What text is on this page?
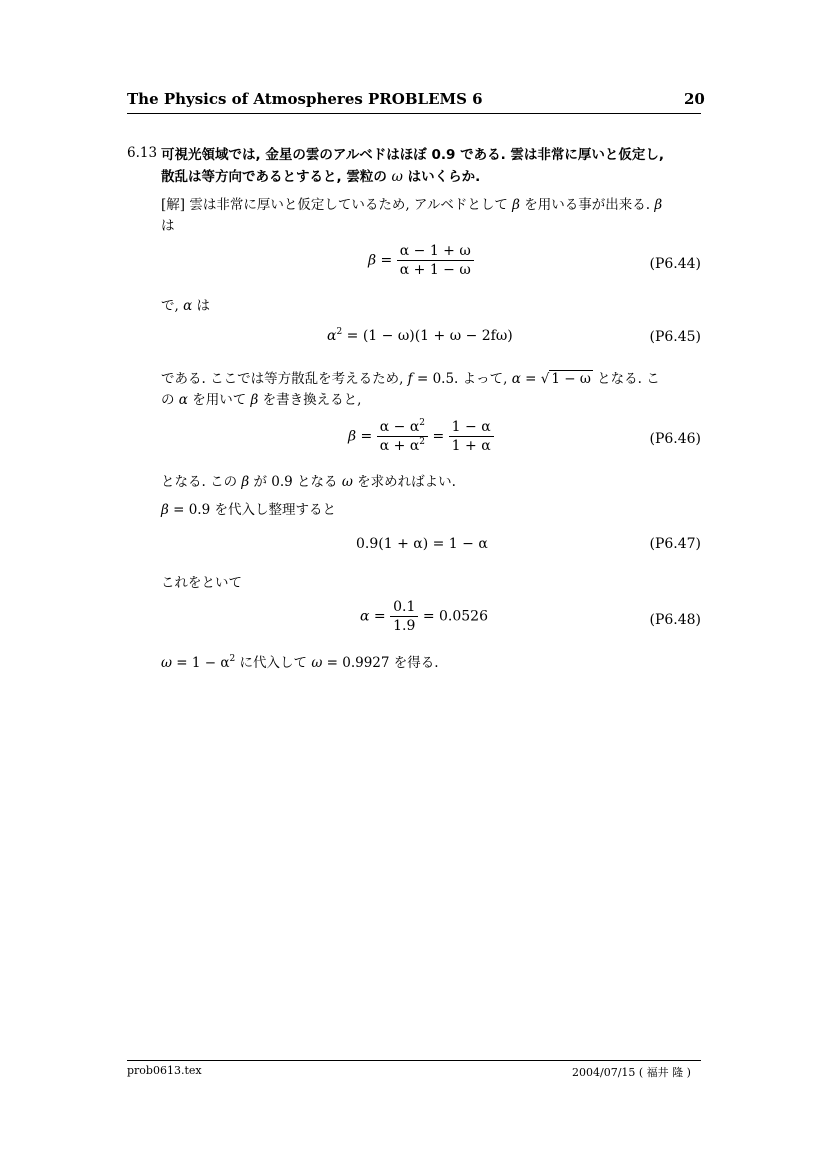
The Physics of Atmospheres PROBLEMS 6	20
6.13 可視光領域では, 金星の雲のアルベドはほぼ 0.9 である. 雲は非常に厚いと仮定し,
散乱は等方向であるとすると, 雲粒の ω はいくらか.
[解] 雲は非常に厚いと仮定しているため, アルベドとして β を用いる事が出来る. β
は
$\beta = \frac{\alpha - 1 + \omega}{\alpha + 1 - \omega}$	(P6.44)
で, α は
$\alpha^2 = (1 - \omega)(1 + \omega - 2f\omega)$	(P6.45)
である. ここでは等方散乱を考えるため, f = 0.5. よって, α = √ 1 − ω となる. こ
の α を用いて β を書き換えると,
$\beta = \frac{\alpha - \alpha^2}{\alpha + \alpha^2} = \frac{1 - \alpha}{1 + \alpha}$	(P6.46)
となる. この β が 0.9 となる ω を求めればよい.
β = 0.9 を代入し整理すると
0.9(1 + α) = 1 − α	(P6.47)
これをといて
$\alpha = \frac{0.1}{1.9} = 0.0526$	(P6.48)
$\omega = 1 - \alpha^2$ に代入して ω = 0.9927 を得る.
prob0613.tex	2004/07/15 ( 福井 隆 )
